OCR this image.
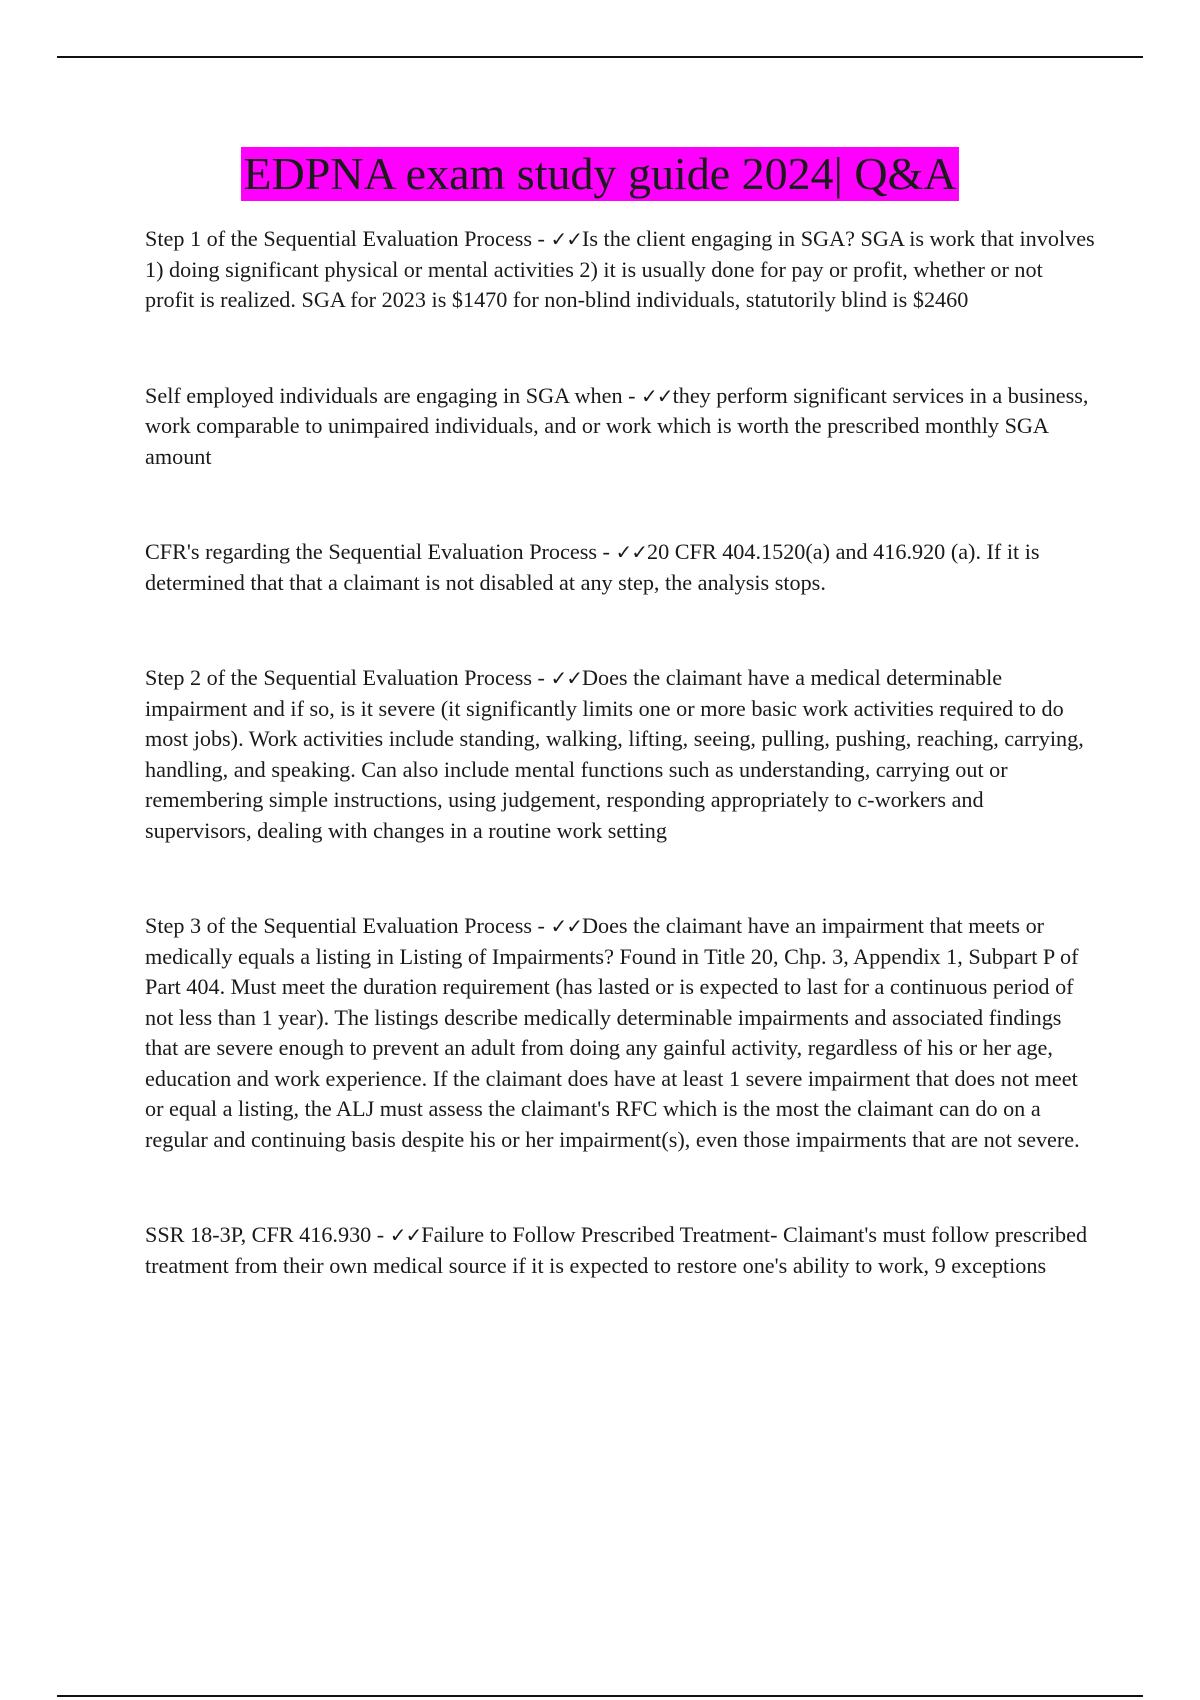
EDPNA exam study guide 2024| Q&A

Step 1 of the Sequential Evaluation Process - ✓✓Is the client engaging in SGA? SGA is work that involves 1) doing significant physical or mental activities 2) it is usually done for pay or profit, whether or not profit is realized. SGA for 2023 is $1470 for non-blind individuals, statutorily blind is $2460

Self employed individuals are engaging in SGA when - ✓✓they perform significant services in a business, work comparable to unimpaired individuals, and or work which is worth the prescribed monthly SGA amount

CFR's regarding the Sequential Evaluation Process - ✓✓20 CFR 404.1520(a) and 416.920 (a). If it is determined that that a claimant is not disabled at any step, the analysis stops.

Step 2 of the Sequential Evaluation Process - ✓✓Does the claimant have a medical determinable impairment and if so, is it severe (it significantly limits one or more basic work activities required to do most jobs). Work activities include standing, walking, lifting, seeing, pulling, pushing, reaching, carrying, handling, and speaking. Can also include mental functions such as understanding, carrying out or remembering simple instructions, using judgement, responding appropriately to c-workers and supervisors, dealing with changes in a routine work setting

Step 3 of the Sequential Evaluation Process - ✓✓Does the claimant have an impairment that meets or medically equals a listing in Listing of Impairments? Found in Title 20, Chp. 3, Appendix 1, Subpart P of Part 404. Must meet the duration requirement (has lasted or is expected to last for a continuous period of not less than 1 year). The listings describe medically determinable impairments and associated findings that are severe enough to prevent an adult from doing any gainful activity, regardless of his or her age, education and work experience. If the claimant does have at least 1 severe impairment that does not meet or equal a listing, the ALJ must assess the claimant's RFC which is the most the claimant can do on a regular and continuing basis despite his or her impairment(s), even those impairments that are not severe.

SSR 18-3P, CFR 416.930 - ✓✓Failure to Follow Prescribed Treatment- Claimant's must follow prescribed treatment from their own medical source if it is expected to restore one's ability to work, 9 exceptions
